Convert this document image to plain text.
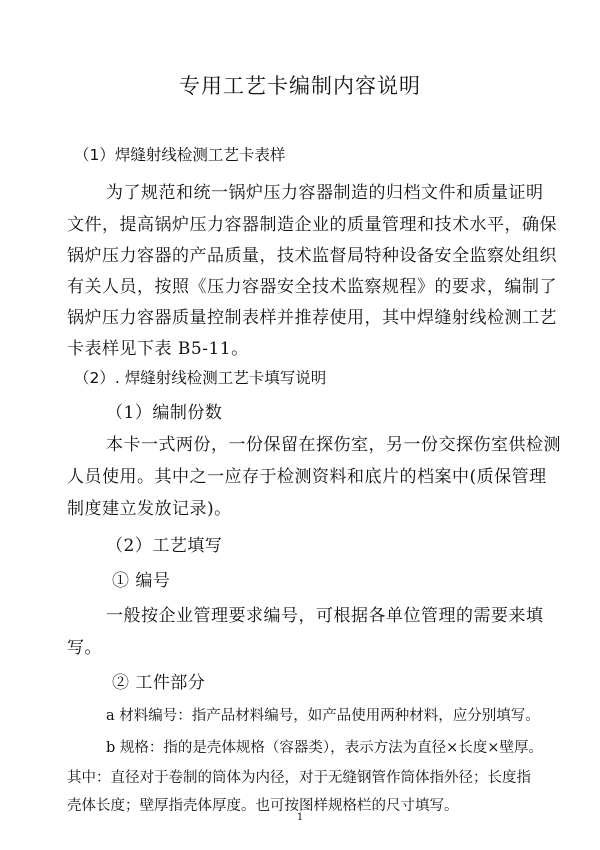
专用工艺卡编制内容说明
（1）焊缝射线检测工艺卡表样
为了规范和统一锅炉压力容器制造的归档文件和质量证明
文件，提高锅炉压力容器制造企业的质量管理和技术水平，确保
锅炉压力容器的产品质量，技术监督局特种设备安全监察处组织
有关人员，按照《压力容器安全技术监察规程》的要求，编制了
锅炉压力容器质量控制表样并推荐使用，其中焊缝射线检测工艺
卡表样见下表 B5-11。
（2）. 焊缝射线检测工艺卡填写说明
（1）编制份数
本卡一式两份，一份保留在探伤室，另一份交探伤室供检测
人员使用。其中之一应存于检测资料和底片的档案中(质保管理
制度建立发放记录)。
（2）工艺填写
① 编号
一般按企业管理要求编号，可根据各单位管理的需要来填
写。
② 工件部分
a 材料编号：指产品材料编号，如产品使用两种材料，应分别填写。
b 规格：指的是壳体规格（容器类），表示方法为直径×长度×壁厚。
其中：直径对于卷制的筒体为内径，对于无缝钢管作筒体指外径；长度指
壳体长度；壁厚指壳体厚度。也可按图样规格栏的尺寸填写。
1
